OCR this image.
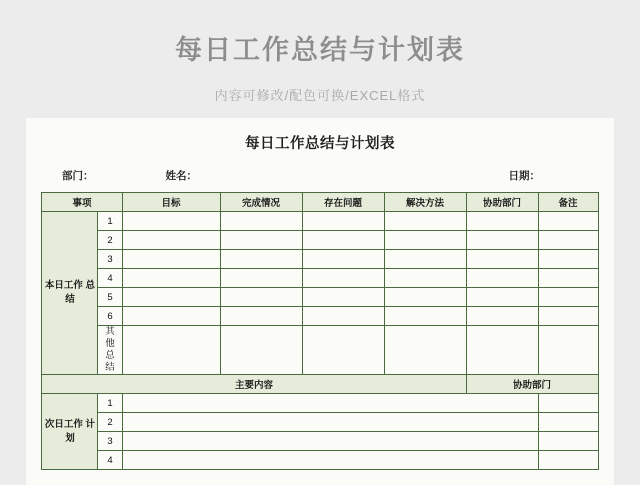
每日工作总结与计划表
内容可修改/配色可换/EXCEL格式
每日工作总结与计划表
部门：	姓名：	日期：
事项		目标	完成情况	存在问题	解决方法	协助部门	备注
本日工作 总结	1						
	2						
	3						
	4						
	5						
	6						
	其 他 总 结						
主要内容						协助部门	
次日工作 计划	1						
	2						
	3						
	4						
